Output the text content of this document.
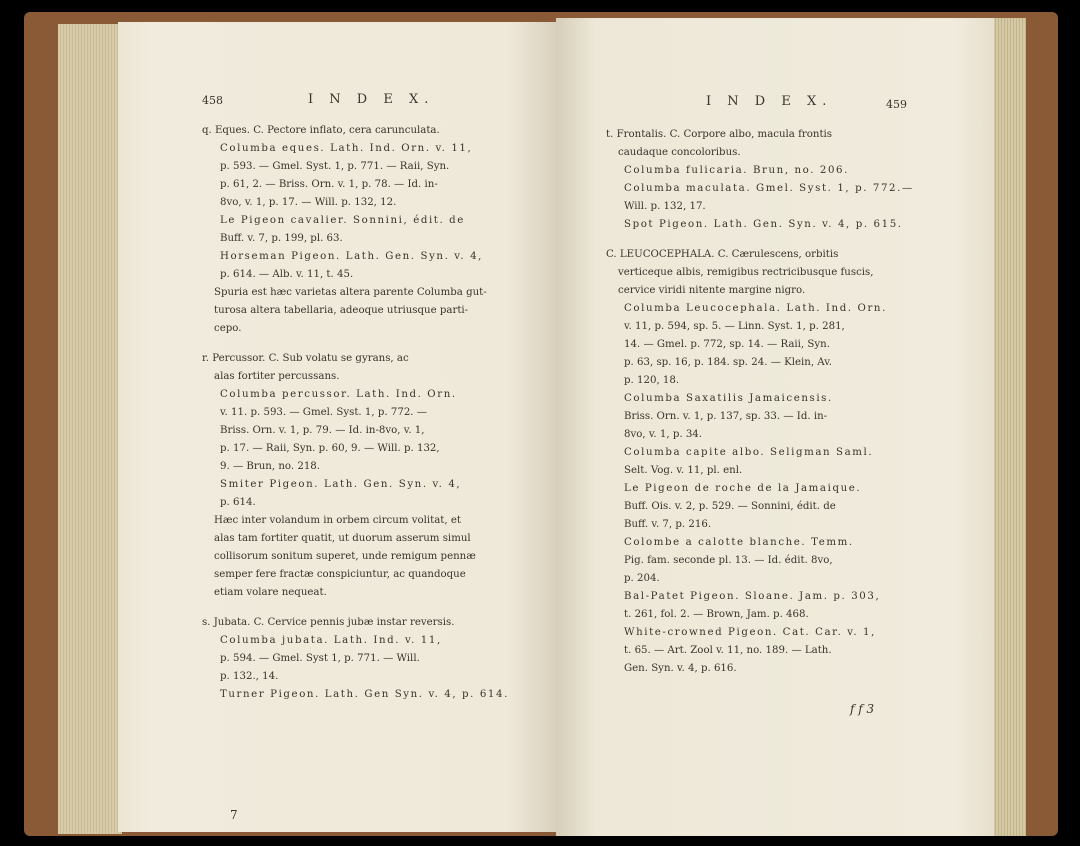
458	I N D E X.
q. Eques. C. Pectore inflato, cera carunculata.
Columba eques. Lath. Ind. Orn. v. 11,
p. 593. — Gmel. Syst. 1, p. 771. — Raii, Syn.
p. 61, 2. — Briss. Orn. v. 1, p. 78. — Id. in-
8vo, v. 1, p. 17. — Will. p. 132, 12.
Le Pigeon cavalier. Sonnini, édit. de
Buff. v. 7, p. 199, pl. 63.
Horseman Pigeon. Lath. Gen. Syn. v. 4,
p. 614. — Alb. v. 11, t. 45.
Spuria est hæc varietas altera parente Columba gut-
turosa altera tabellaria, adeoque utriusque parti-
cepo.
r. Percussor. C. Sub volatu se gyrans, ac
alas fortiter percussans.
Columba percussor. Lath. Ind. Orn.
v. 11. p. 593. — Gmel. Syst. 1, p. 772. —
Briss. Orn. v. 1, p. 79. — Id. in-8vo, v. 1,
p. 17. — Raii, Syn. p. 60, 9. — Will. p. 132,
9. — Brun, no. 218.
Smiter Pigeon. Lath. Gen. Syn. v. 4,
p. 614.
Hæc inter volandum in orbem circum volitat, et
alas tam fortiter quatit, ut duorum asserum simul
collisorum sonitum superet, unde remigum pennæ
semper fere fractæ conspiciuntur, ac quandoque
etiam volare nequeat.
s. Jubata. C. Cervice pennis jubæ instar reversis.
Columba jubata. Lath. Ind. v. 11,
p. 594. — Gmel. Syst 1, p. 771. — Will.
p. 132., 14.
Turner Pigeon. Lath. Gen Syn. v. 4, p. 614.
7
I N D E X.	459
t. Frontalis. C. Corpore albo, macula frontis
caudaque concoloribus.
Columba fulicaria. Brun, no. 206.
Columba maculata. Gmel. Syst. 1, p. 772.—
Will. p. 132, 17.
Spot Pigeon. Lath. Gen. Syn. v. 4, p. 615.
C. LEUCOCEPHALA. C. Cærulescens, orbitis
verticeque albis, remigibus rectricibusque fuscis,
cervice viridi nitente margine nigro.
Columba Leucocephala. Lath. Ind. Orn.
v. 11, p. 594, sp. 5. — Linn. Syst. 1, p. 281,
14. — Gmel. p. 772, sp. 14. — Raii, Syn.
p. 63, sp. 16, p. 184. sp. 24. — Klein, Av.
p. 120, 18.
Columba Saxatilis Jamaicensis.
Briss. Orn. v. 1, p. 137, sp. 33. — Id. in-
8vo, v. 1, p. 34.
Columba capite albo. Seligman Saml.
Selt. Vog. v. 11, pl. enl.
Le Pigeon de roche de la Jamaique.
Buff. Ois. v. 2, p. 529. — Sonnini, édit. de
Buff. v. 7, p. 216.
Colombe a calotte blanche. Temm.
Pig. fam. seconde pl. 13. — Id. édit. 8vo,
p. 204.
Bal-Patet Pigeon. Sloane. Jam. p. 303,
t. 261, fol. 2. — Brown, Jam. p. 468.
White-crowned Pigeon. Cat. Car. v. 1,
t. 65. — Art. Zool v. 11, no. 189. — Lath.
Gen. Syn. v. 4, p. 616.
f f 3
